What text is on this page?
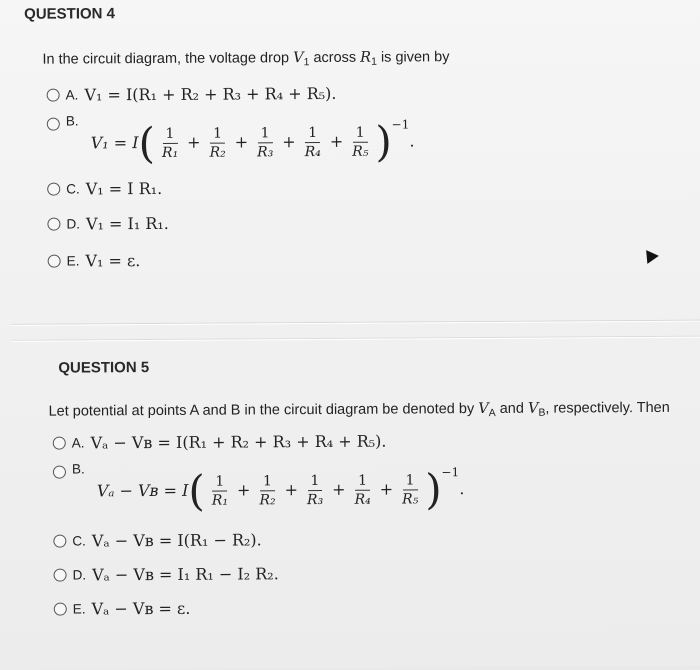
QUESTION 4
In the circuit diagram, the voltage drop $V_1$ across $R_1$ is given by
A. V₁ = I(R₁ + R₂ + R₃ + R₄ + R₅).
B.
$V_1 = I( \frac{1}{\text{R₁}} + \frac{1}{\text{R₂}} + \frac{1}{\text{R₃}} + \frac{1}{\text{R₄}} + \frac{1}{\text{R₅}} )^{-1}$.
C. V₁ = I R₁.
D. V₁ = I₁ R₁.
E. V₁ = ε.
QUESTION 5
Let potential at points A and B in the circuit diagram be denoted by $V_A$ and $V_B$, respectively. Then
A. Vₐ − Vʙ = I(R₁ + R₂ + R₃ + R₄ + R₅).
B.
Vₐ − Vʙ = $I( \frac{1}{\text{R₁}} + \frac{1}{\text{R₂}} + \frac{1}{\text{R₃}} + \frac{1}{\text{R₄}} + \frac{1}{\text{R₅}} )^{-1}$.
C. Vₐ − Vʙ = I(R₁ − R₂).
D. Vₐ − Vʙ = I₁ R₁ − I₂ R₂.
E. Vₐ − Vʙ = ε.
